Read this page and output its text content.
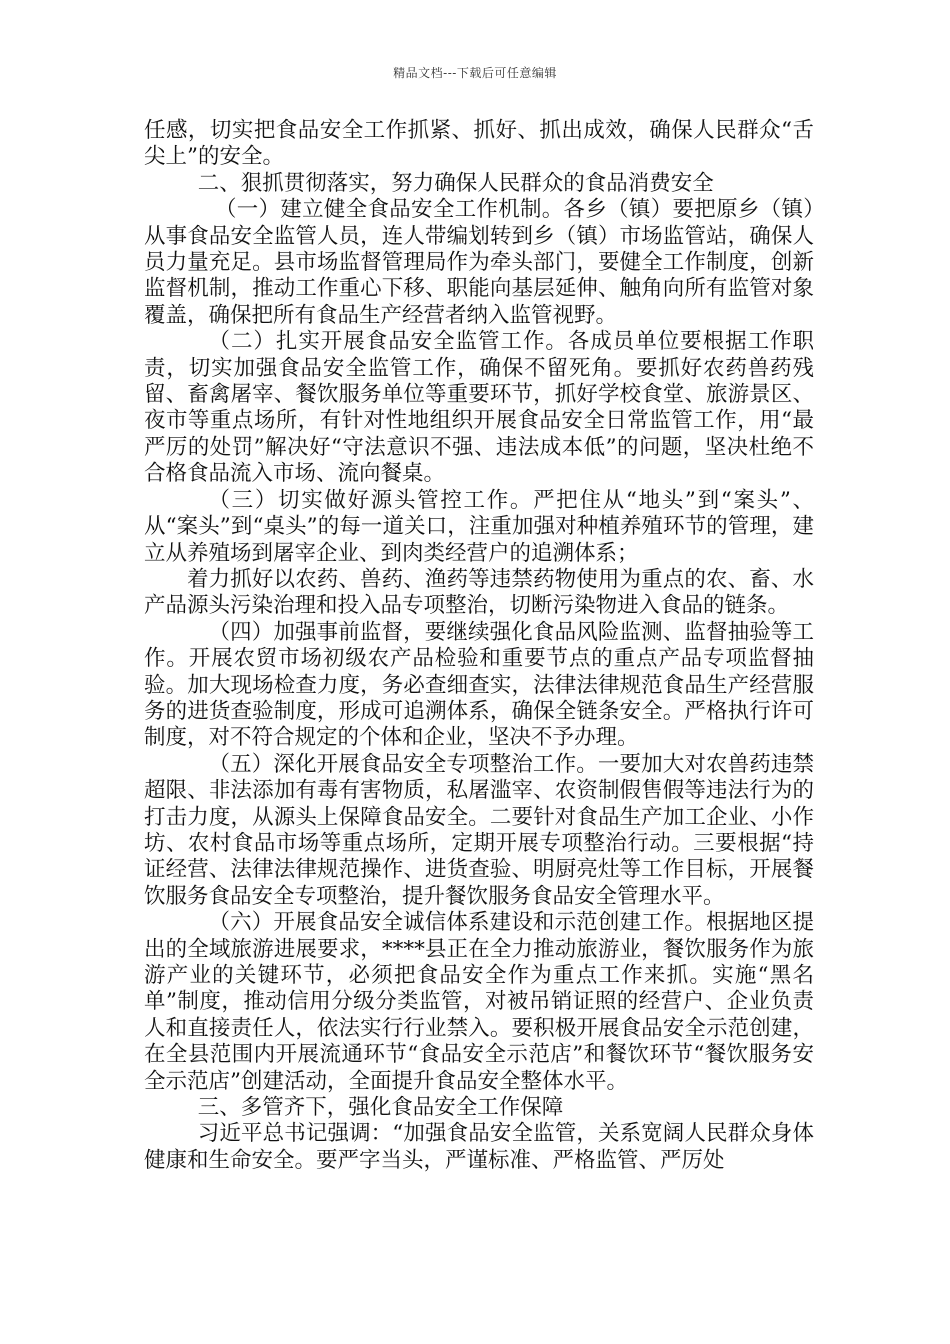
精品文档---下载后可任意编辑

任感，切实把食品安全工作抓紧、抓好、抓出成效，确保人民群众“舌尖上”的安全。

二、狠抓贯彻落实，努力确保人民群众的食品消费安全

（一）建立健全食品安全工作机制。各乡（镇）要把原乡（镇）从事食品安全监管人员，连人带编划转到乡（镇）市场监管站，确保人员力量充足。县市场监督管理局作为牵头部门，要健全工作制度，创新监督机制，推动工作重心下移、职能向基层延伸、触角向所有监管对象覆盖，确保把所有食品生产经营者纳入监管视野。

（二）扎实开展食品安全监管工作。各成员单位要根据工作职责，切实加强食品安全监管工作，确保不留死角。要抓好农药兽药残留、畜禽屠宰、餐饮服务单位等重要环节，抓好学校食堂、旅游景区、夜市等重点场所，有针对性地组织开展食品安全日常监管工作，用“最严厉的处罚”解决好“守法意识不强、违法成本低”的问题，坚决杜绝不合格食品流入市场、流向餐桌。

（三）切实做好源头管控工作。严把住从“地头”到“案头”、从“案头”到“桌头”的每一道关口，注重加强对种植养殖环节的管理，建立从养殖场到屠宰企业、到肉类经营户的追溯体系；

着力抓好以农药、兽药、渔药等违禁药物使用为重点的农、畜、水产品源头污染治理和投入品专项整治，切断污染物进入食品的链条。

（四）加强事前监督，要继续强化食品风险监测、监督抽验等工作。开展农贸市场初级农产品检验和重要节点的重点产品专项监督抽验。加大现场检查力度，务必查细查实，法律法律规范食品生产经营服务的进货查验制度，形成可追溯体系，确保全链条安全。严格执行许可制度，对不符合规定的个体和企业，坚决不予办理。

（五）深化开展食品安全专项整治工作。一要加大对农兽药违禁超限、非法添加有毒有害物质，私屠滥宰、农资制假售假等违法行为的打击力度，从源头上保障食品安全。二要针对食品生产加工企业、小作坊、农村食品市场等重点场所，定期开展专项整治行动。三要根据“持证经营、法律法律规范操作、进货查验、明厨亮灶等工作目标，开展餐饮服务食品安全专项整治，提升餐饮服务食品安全管理水平。

（六）开展食品安全诚信体系建设和示范创建工作。根据地区提出的全域旅游进展要求，****县正在全力推动旅游业，餐饮服务作为旅游产业的关键环节，必须把食品安全作为重点工作来抓。实施“黑名单”制度，推动信用分级分类监管，对被吊销证照的经营户、企业负责人和直接责任人，依法实行行业禁入。要积极开展食品安全示范创建，在全县范围内开展流通环节“食品安全示范店”和餐饮环节“餐饮服务安全示范店”创建活动，全面提升食品安全整体水平。

三、多管齐下，强化食品安全工作保障

习近平总书记强调：“加强食品安全监管，关系宽阔人民群众身体健康和生命安全。要严字当头，严谨标准、严格监管、严厉处
